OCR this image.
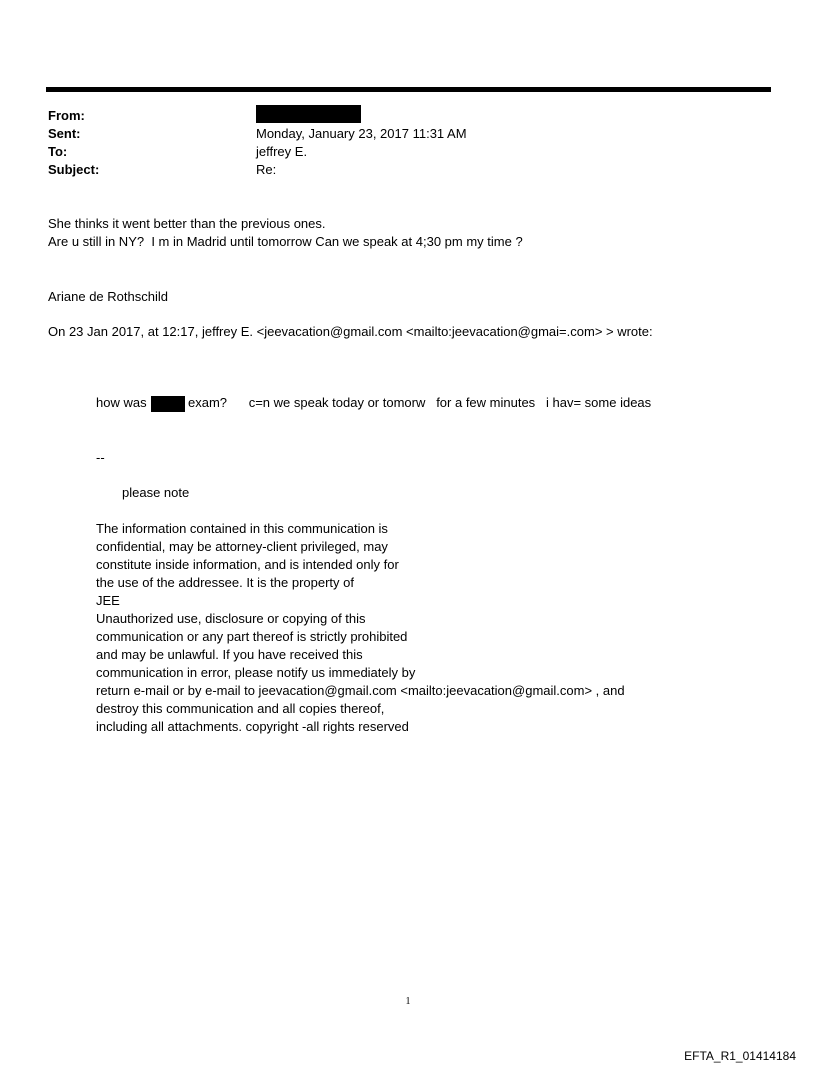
From:
Sent:	Monday, January 23, 2017 11:31 AM
To:	jeffrey E.
Subject:	Re:
She thinks it went better than the previous ones.
Are u still in NY?  I m in Madrid until tomorrow Can we speak at 4;30 pm my time ?
Ariane de Rothschild
On 23 Jan 2017, at 12:17, jeffrey E. <jeevacation@gmail.com <mailto:jeevacation@gmai=.com> > wrote:
how was	exam?      c=n we speak today or tomorw   for a few minutes   i hav= some ideas
--
please note
The information contained in this communication is
confidential, may be attorney-client privileged, may
constitute inside information, and is intended only for
the use of the addressee. It is the property of
JEE
Unauthorized use, disclosure or copying of this
communication or any part thereof is strictly prohibited
and may be unlawful. If you have received this
communication in error, please notify us immediately by
return e-mail or by e-mail to jeevacation@gmail.com <mailto:jeevacation@gmail.com> , and
destroy this communication and all copies thereof,
including all attachments. copyright -all rights reserved
1
EFTA_R1_01414184
